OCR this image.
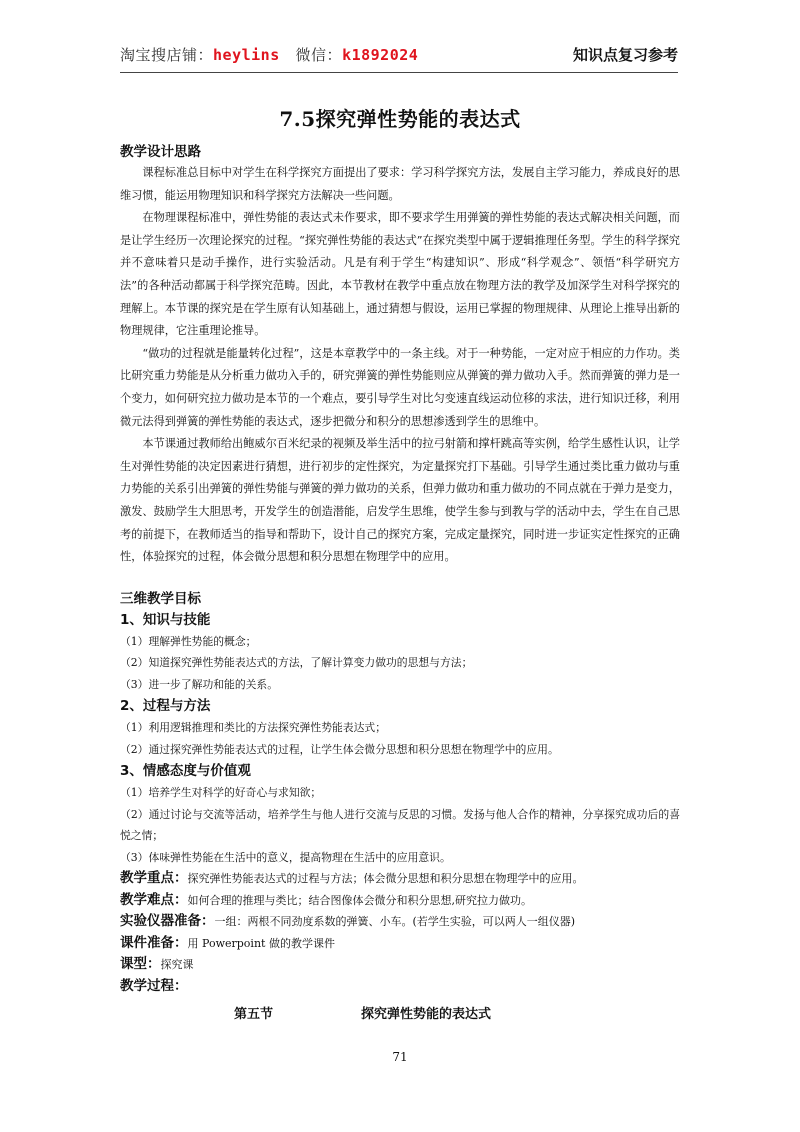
淘宝搜店铺：heylins 微信：k1892024	知识点复习参考
7.5探究弹性势能的表达式

教学设计思路

课程标准总目标中对学生在科学探究方面提出了要求：学习科学探究方法，发展自主学习能力，养成良好的思维习惯，能运用物理知识和科学探究方法解决一些问题。

在物理课程标准中，弹性势能的表达式未作要求，即不要求学生用弹簧的弹性势能的表达式解决相关问题，而是让学生经历一次理论探究的过程。“探究弹性势能的表达式”在探究类型中属于逻辑推理任务型。学生的科学探究并不意味着只是动手操作，进行实验活动。凡是有利于学生“构建知识”、形成“科学观念”、领悟“科学研究方法”的各种活动都属于科学探究范畴。因此，本节教材在教学中重点放在物理方法的教学及加深学生对科学探究的理解上。本节课的探究是在学生原有认知基础上，通过猜想与假设，运用已掌握的物理规律、从理论上推导出新的物理规律，它注重理论推导。

“做功的过程就是能量转化过程”，这是本章教学中的一条主线。对于一种势能，一定对应于相应的力作功。类比研究重力势能是从分析重力做功入手的，研究弹簧的弹性势能则应从弹簧的弹力做功入手。然而弹簧的弹力是一个变力，如何研究拉力做功是本节的一个难点，要引导学生对比匀变速直线运动位移的求法，进行知识迁移，利用微元法得到弹簧的弹性势能的表达式，逐步把微分和积分的思想渗透到学生的思维中。

本节课通过教师给出鲍威尔百米纪录的视频及举生活中的拉弓射箭和撑杆跳高等实例，给学生感性认识，让学生对弹性势能的决定因素进行猜想，进行初步的定性探究，为定量探究打下基础。引导学生通过类比重力做功与重力势能的关系引出弹簧的弹性势能与弹簧的弹力做功的关系，但弹力做功和重力做功的不同点就在于弹力是变力，激发、鼓励学生大胆思考，开发学生的创造潜能，启发学生思维，使学生参与到教与学的活动中去，学生在自己思考的前提下，在教师适当的指导和帮助下，设计自己的探究方案，完成定量探究，同时进一步证实定性探究的正确性，体验探究的过程，体会微分思想和积分思想在物理学中的应用。

三维教学目标

1、知识与技能

（1）理解弹性势能的概念；

（2）知道探究弹性势能表达式的方法，了解计算变力做功的思想与方法；

（3）进一步了解功和能的关系。

2、过程与方法

（1）利用逻辑推理和类比的方法探究弹性势能表达式；

（2）通过探究弹性势能表达式的过程，让学生体会微分思想和积分思想在物理学中的应用。

3、情感态度与价值观

（1）培养学生对科学的好奇心与求知欲；

（2）通过讨论与交流等活动，培养学生与他人进行交流与反思的习惯。发扬与他人合作的精神，分享探究成功后的喜悦之情；

（3）体味弹性势能在生活中的意义，提高物理在生活中的应用意识。

教学重点：探究弹性势能表达式的过程与方法；体会微分思想和积分思想在物理学中的应用。

教学难点：如何合理的推理与类比；结合图像体会微分和积分思想,研究拉力做功。

实验仪器准备：一组：两根不同劲度系数的弹簧、小车。(若学生实验，可以两人一组仪器)

课件准备：用 Powerpoint 做的教学课件

课型：探究课

教学过程：

第五节	探究弹性势能的表达式
71
